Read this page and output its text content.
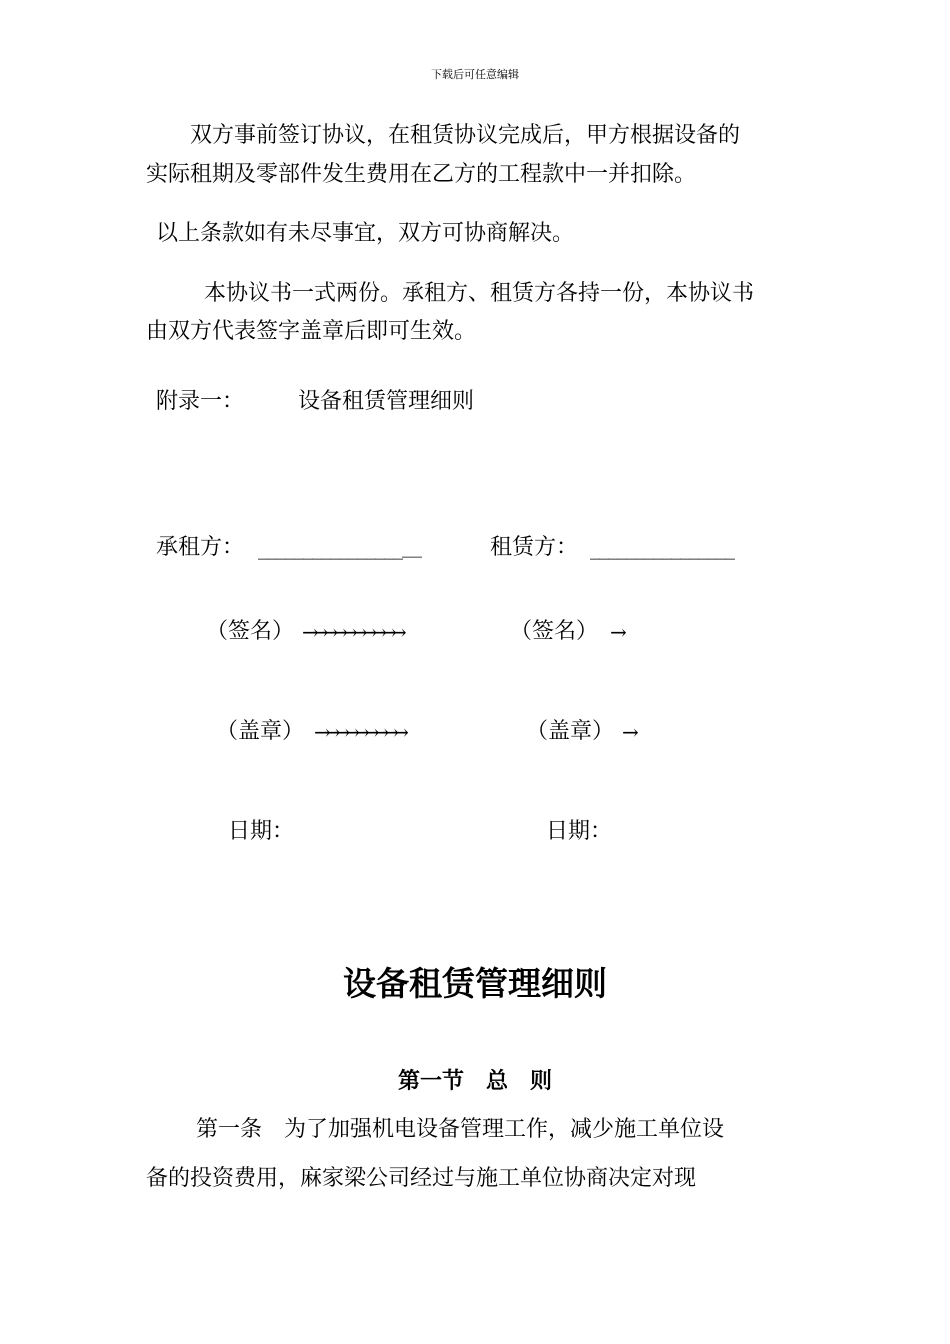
下载后可任意编辑
双方事前签订协议，在租赁协议完成后，甲方根据设备的
实际租期及零部件发生费用在乙方的工程款中一并扣除。
以上条款如有未尽事宜，双方可协商解决。
本协议书一式两份。承租方、租赁方各持一份，本协议书
由双方代表签字盖章后即可生效。
附录一： 设备租赁管理细则
承租方： ________________＿	租赁方： ________________
（签名） →→→→→→→→→→	（签名） →
（盖章） →→→→→→→→→	（盖章） →
日期：	日期：
设备租赁管理细则
第一节　总　则
第一条　为了加强机电设备管理工作，减少施工单位设
备的投资费用，麻家梁公司经过与施工单位协商决定对现
